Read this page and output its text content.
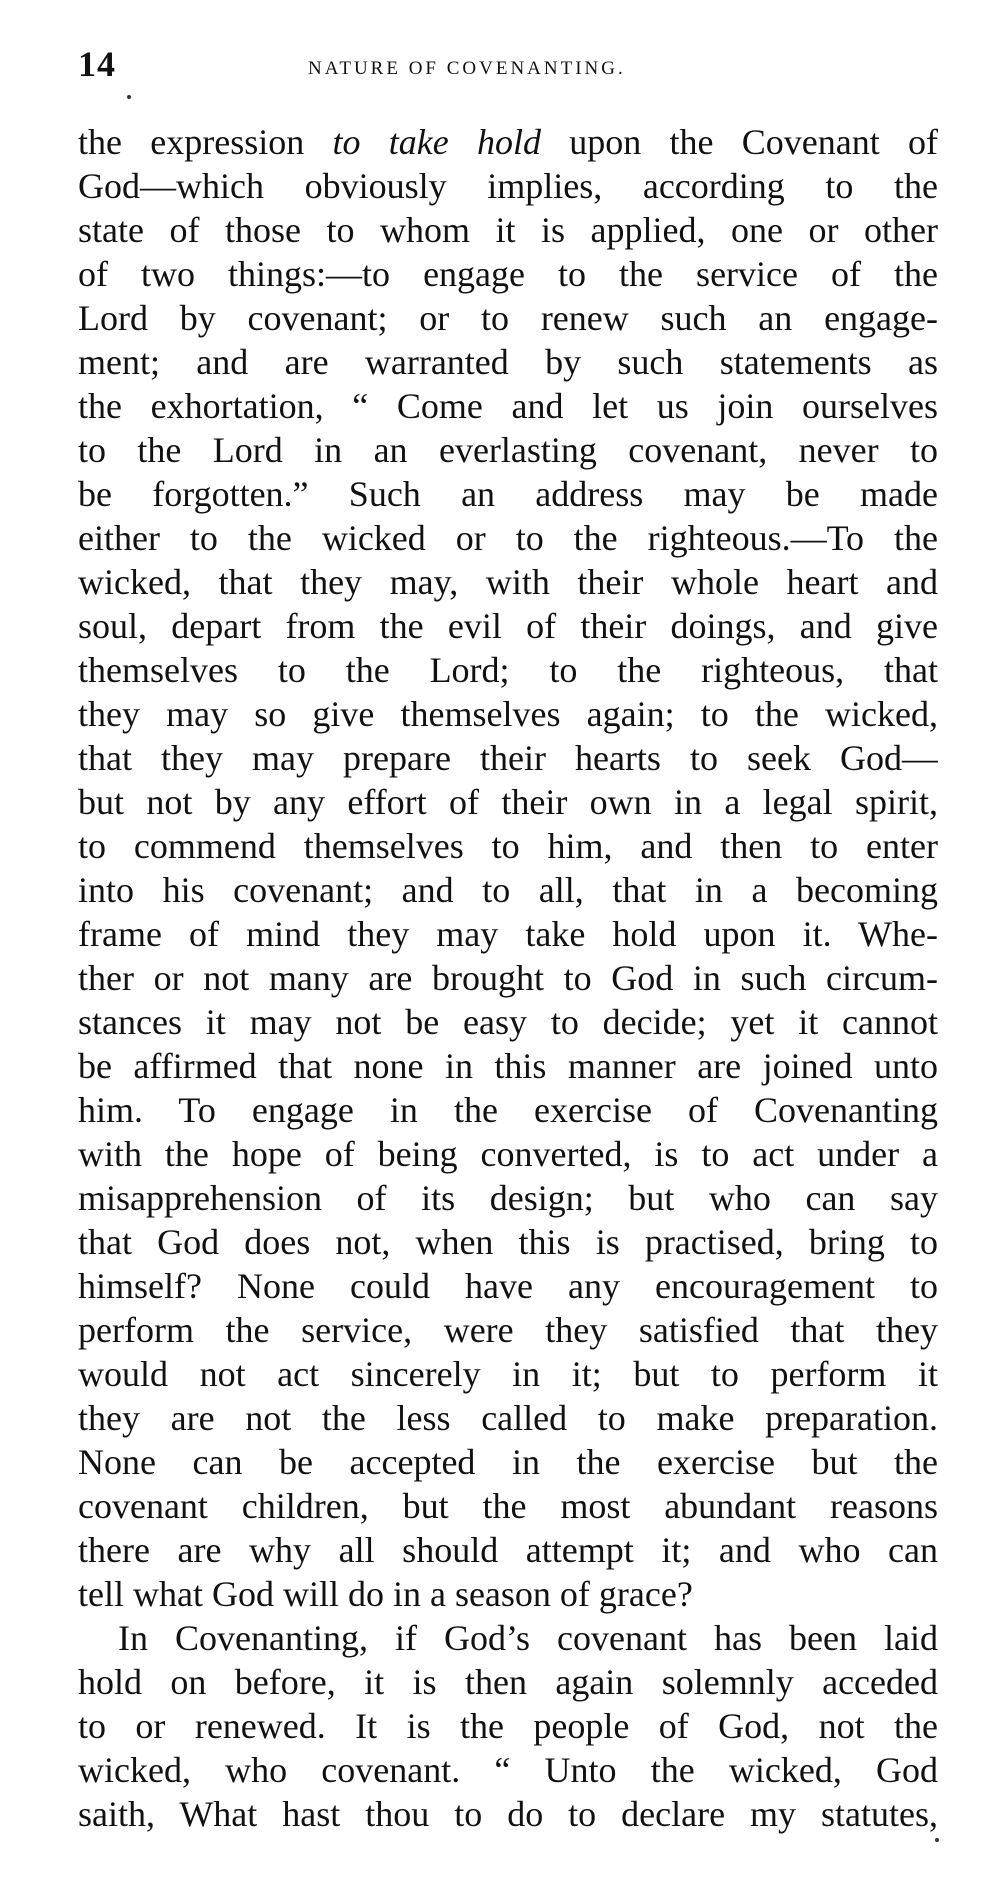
14	NATURE OF COVENANTING.
the expression to take hold upon the Covenant of
God—which obviously implies, according to the
state of those to whom it is applied, one or other
of two things:—to engage to the service of the
Lord by covenant; or to renew such an engage-
ment; and are warranted by such statements as
the exhortation, “ Come and let us join ourselves
to the Lord in an everlasting covenant, never to
be forgotten.” Such an address may be made
either to the wicked or to the righteous.—To the
wicked, that they may, with their whole heart and
soul, depart from the evil of their doings, and give
themselves to the Lord; to the righteous, that
they may so give themselves again; to the wicked,
that they may prepare their hearts to seek God—
but not by any effort of their own in a legal spirit,
to commend themselves to him, and then to enter
into his covenant; and to all, that in a becoming
frame of mind they may take hold upon it. Whe-
ther or not many are brought to God in such circum-
stances it may not be easy to decide; yet it cannot
be affirmed that none in this manner are joined unto
him. To engage in the exercise of Covenanting
with the hope of being converted, is to act under a
misapprehension of its design; but who can say
that God does not, when this is practised, bring to
himself? None could have any encouragement to
perform the service, were they satisfied that they
would not act sincerely in it; but to perform it
they are not the less called to make preparation.
None can be accepted in the exercise but the
covenant children, but the most abundant reasons
there are why all should attempt it; and who can
tell what God will do in a season of grace?
In Covenanting, if God’s covenant has been laid
hold on before, it is then again solemnly acceded
to or renewed. It is the people of God, not the
wicked, who covenant. “ Unto the wicked, God
saith, What hast thou to do to declare my statutes,
